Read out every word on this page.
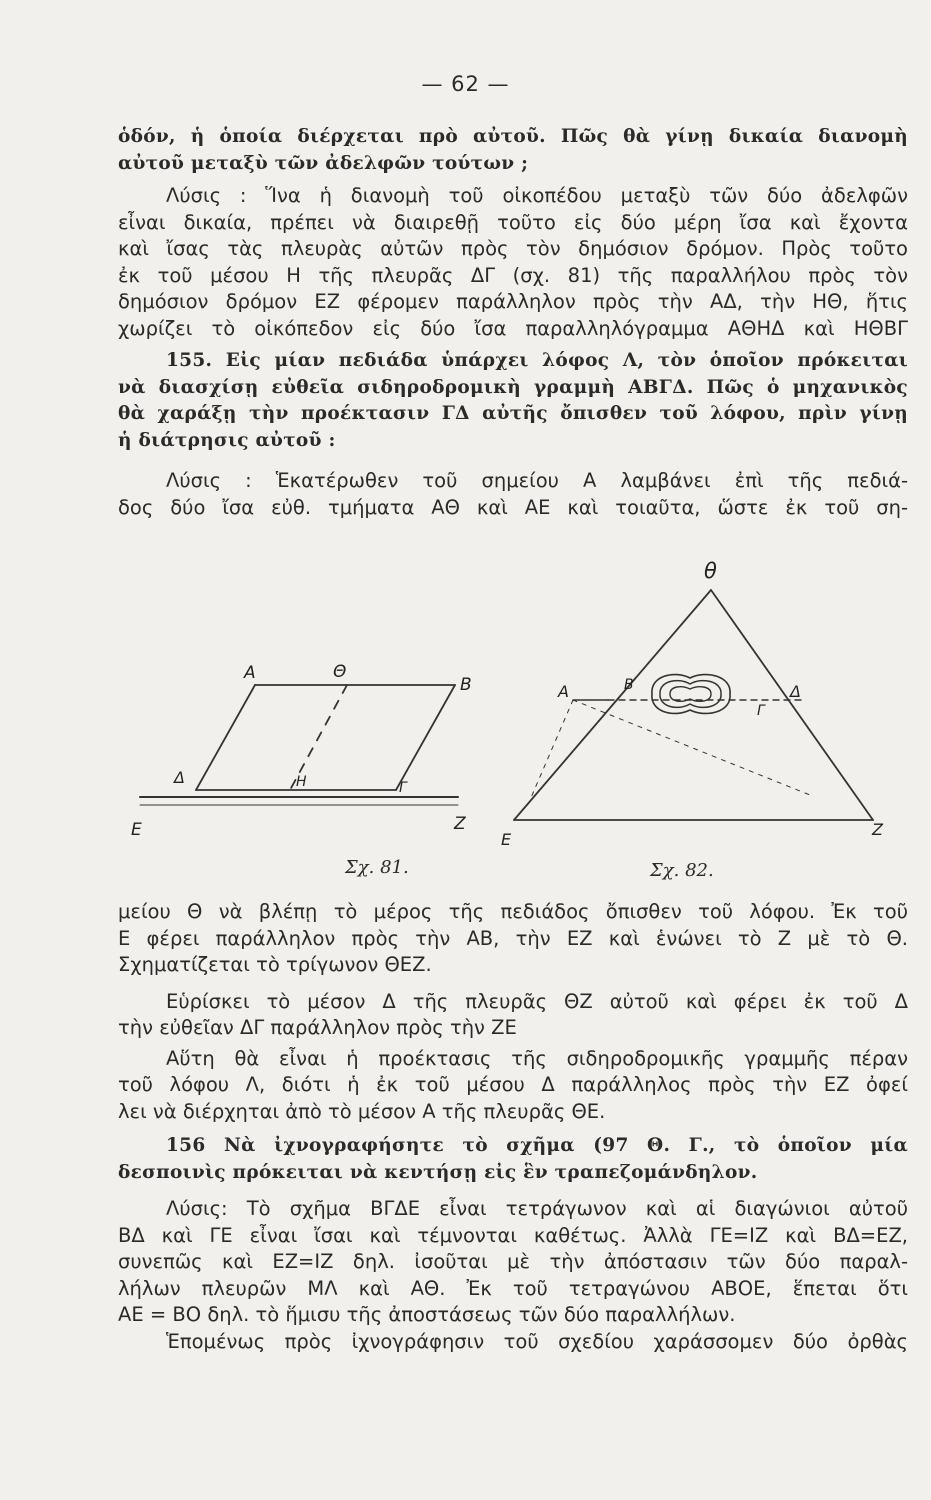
— 62 —
ὁδόν, ἡ ὁποία διέρχεται πρὸ αὐτοῦ. Πῶς θὰ γίνῃ δικαία διανομὴ
αὐτοῦ μεταξὺ τῶν ἀδελφῶν τούτων ;
Λύσις : Ἵνα ἡ διανομὴ τοῦ οἰκοπέδου μεταξὺ τῶν δύο ἀδελφῶν
εἶναι δικαία, πρέπει νὰ διαιρεθῇ τοῦτο εἰς δύο μέρη ἴσα καὶ ἔχοντα
καὶ ἴσας τὰς πλευρὰς αὐτῶν πρὸς τὸν δημόσιον δρόμον. Πρὸς τοῦτο
ἐκ τοῦ μέσου Η τῆς πλευρᾶς ΔΓ (σχ. 81) τῆς παραλλήλου πρὸς τὸν
δημόσιον δρόμον ΕΖ φέρομεν παράλληλον πρὸς τὴν ΑΔ, τὴν ΗΘ, ἥτις
χωρίζει τὸ οἰκόπεδον εἰς δύο ἴσα παραλληλόγραμμα ΑΘΗΔ καὶ ΗΘΒΓ
155. Εἰς μίαν πεδιάδα ὑπάρχει λόφος Λ, τὸν ὁποῖον πρόκειται
νὰ διασχίσῃ εὐθεῖα σιδηροδρομικὴ γραμμὴ ΑΒΓΔ. Πῶς ὁ μηχανικὸς
θὰ χαράξῃ τὴν προέκτασιν ΓΔ αὐτῆς ὄπισθεν τοῦ λόφου, πρὶν γίνῃ
ἡ διάτρησις αὐτοῦ :
Λύσις : Ἑκατέρωθεν τοῦ σημείου Α λαμβάνει ἐπὶ τῆς πεδιά-
δος δύο ἴσα εὐθ. τμήματα ΑΘ καὶ ΑΕ καὶ τοιαῦτα, ὥστε ἐκ τοῦ ση-
A	Θ
B
Δ	H	Γ
E	Z
θ
A	B
Γ
Δ
E
Z
Σχ. 81.	Σχ. 82.
μείου Θ νὰ βλέπῃ τὸ μέρος τῆς πεδιάδος ὄπισθεν τοῦ λόφου. Ἐκ τοῦ
Ε φέρει παράλληλον πρὸς τὴν ΑΒ, τὴν ΕΖ καὶ ἑνώνει τὸ Ζ μὲ τὸ Θ.
Σχηματίζεται τὸ τρίγωνον ΘΕΖ.
Εὑρίσκει τὸ μέσον Δ τῆς πλευρᾶς ΘΖ αὐτοῦ καὶ φέρει ἐκ τοῦ Δ
τὴν εὐθεῖαν ΔΓ παράλληλον πρὸς τὴν ΖΕ
Αὕτη θὰ εἶναι ἡ προέκτασις τῆς σιδηροδρομικῆς γραμμῆς πέραν
τοῦ λόφου Λ, διότι ἡ ἐκ τοῦ μέσου Δ παράλληλος πρὸς τὴν ΕΖ ὀφεί
λει νὰ διέρχηται ἀπὸ τὸ μέσον Α τῆς πλευρᾶς ΘΕ.
156 Νὰ ἰχνογραφήσητε τὸ σχῆμα (97 Θ. Γ., τὸ ὁποῖον μία
δεσποινὶς πρόκειται νὰ κεντήσῃ εἰς ἓν τραπεζομάνδηλον.
Λύσις: Τὸ σχῆμα ΒΓΔΕ εἶναι τετράγωνον καὶ αἱ διαγώνιοι αὐτοῦ
ΒΔ καὶ ΓΕ εἶναι ἴσαι καὶ τέμνονται καθέτως. Ἀλλὰ ΓΕ=ΙΖ καὶ ΒΔ=ΕΖ,
συνεπῶς καὶ ΕΖ=ΙΖ δηλ. ἰσοῦται μὲ τὴν ἀπόστασιν τῶν δύο παραλ-
λήλων πλευρῶν ΜΛ καὶ ΑΘ. Ἐκ τοῦ τετραγώνου ΑΒΟΕ, ἕπεται ὅτι
ΑΕ = ΒΟ δηλ. τὸ ἥμισυ τῆς ἀποστάσεως τῶν δύο παραλλήλων.
Ἑπομένως πρὸς ἰχνογράφησιν τοῦ σχεδίου χαράσσομεν δύο ὀρθὰς
